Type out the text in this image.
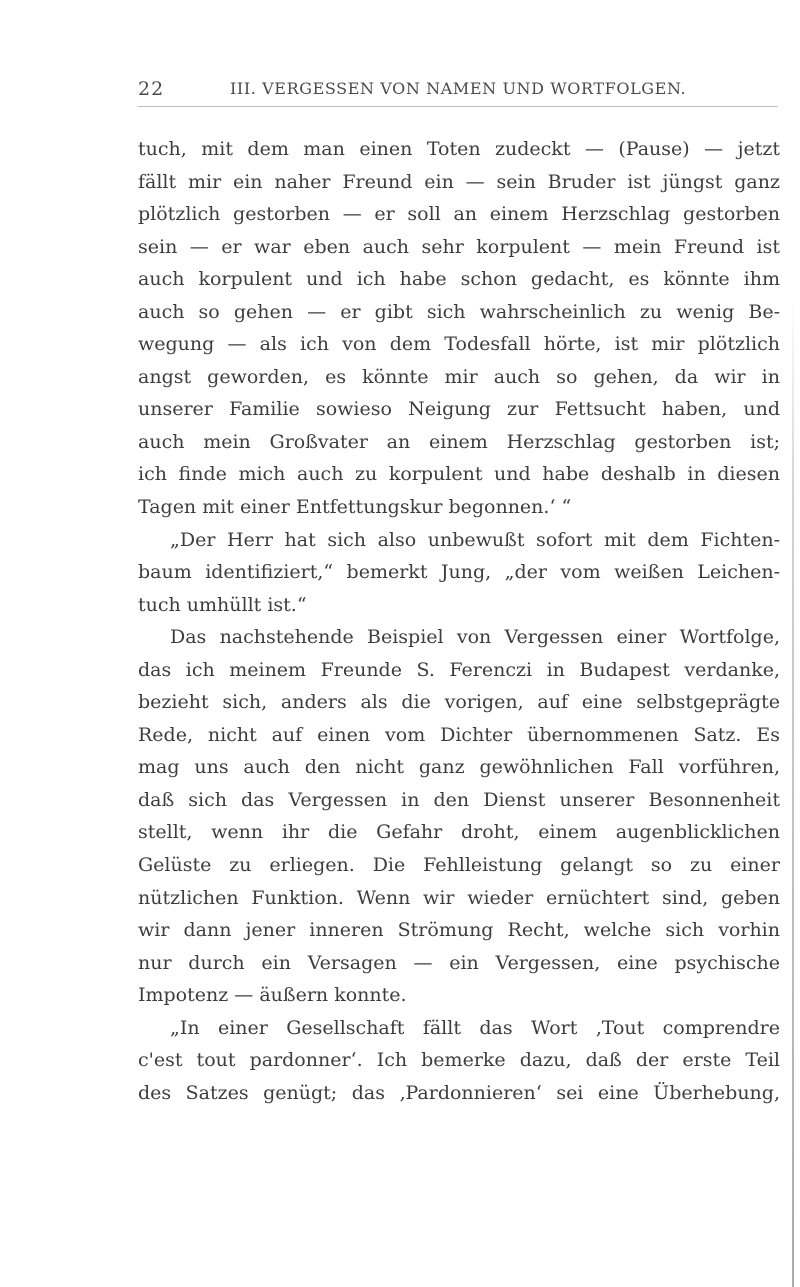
22	III. VERGESSEN VON NAMEN UND WORTFOLGEN.
tuch, mit dem man einen Toten zudeckt — (Pause) — jetzt
fällt mir ein naher Freund ein — sein Bruder ist jüngst ganz
plötzlich gestorben — er soll an einem Herzschlag gestorben
sein — er war eben auch sehr korpulent — mein Freund ist
auch korpulent und ich habe schon gedacht, es könnte ihm
auch so gehen — er gibt sich wahrscheinlich zu wenig Be-
wegung — als ich von dem Todesfall hörte, ist mir plötzlich
angst geworden, es könnte mir auch so gehen, da wir in
unserer Familie sowieso Neigung zur Fettsucht haben, und
auch mein Großvater an einem Herzschlag gestorben ist;
ich finde mich auch zu korpulent und habe deshalb in diesen
Tagen mit einer Entfettungskur begonnen.‘ “
„Der Herr hat sich also unbewußt sofort mit dem Fichten-
baum identifiziert,“ bemerkt Jung, „der vom weißen Leichen-
tuch umhüllt ist.“
Das nachstehende Beispiel von Vergessen einer Wortfolge,
das ich meinem Freunde S. Ferenczi in Budapest verdanke,
bezieht sich, anders als die vorigen, auf eine selbstgeprägte
Rede, nicht auf einen vom Dichter übernommenen Satz. Es
mag uns auch den nicht ganz gewöhnlichen Fall vorführen,
daß sich das Vergessen in den Dienst unserer Besonnenheit
stellt, wenn ihr die Gefahr droht, einem augenblicklichen
Gelüste zu erliegen. Die Fehlleistung gelangt so zu einer
nützlichen Funktion. Wenn wir wieder ernüchtert sind, geben
wir dann jener inneren Strömung Recht, welche sich vorhin
nur durch ein Versagen — ein Vergessen, eine psychische
Impotenz — äußern konnte.
„In einer Gesellschaft fällt das Wort ‚Tout comprendre
c'est tout pardonner‘. Ich bemerke dazu, daß der erste Teil
des Satzes genügt; das ‚Pardonnieren‘ sei eine Überhebung,
